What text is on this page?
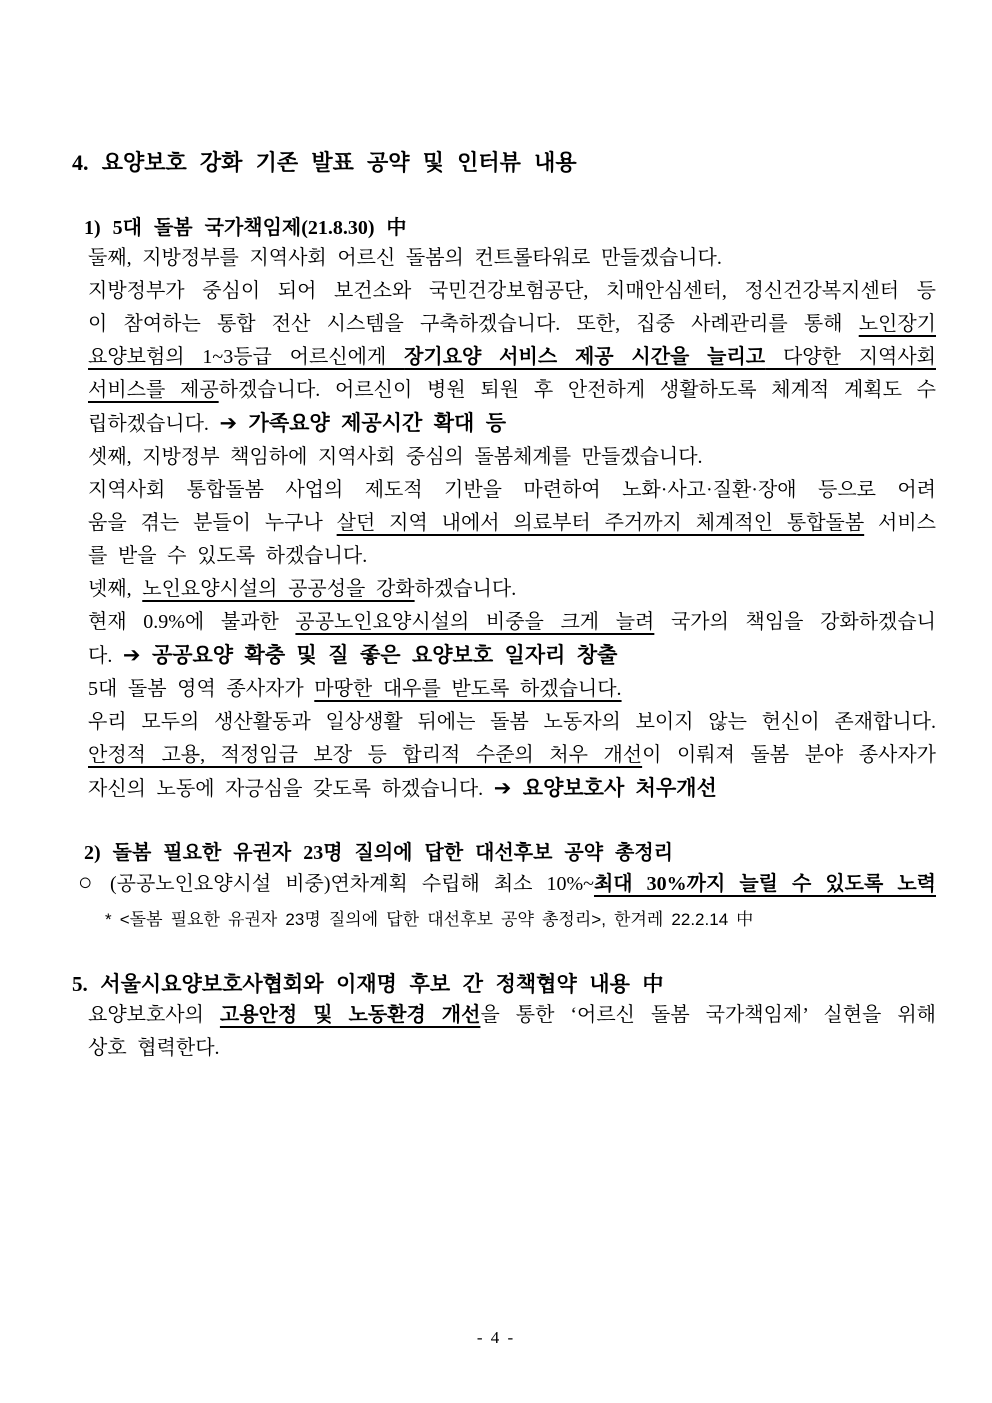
4. 요양보호 강화 기존 발표 공약 및 인터뷰 내용
1) 5대 돌봄 국가책임제(21.8.30) 中
둘째, 지방정부를 지역사회 어르신 돌봄의 컨트롤타워로 만들겠습니다.
지방정부가 중심이 되어 보건소와 국민건강보험공단, 치매안심센터, 정신건강복지센터 등
이 참여하는 통합 전산 시스템을 구축하겠습니다. 또한, 집중 사례관리를 통해 노인장기
요양보험의 1~3등급 어르신에게 장기요양 서비스 제공 시간을 늘리고 다양한 지역사회
서비스를 제공하겠습니다. 어르신이 병원 퇴원 후 안전하게 생활하도록 체계적 계획도 수
립하겠습니다. ➔ 가족요양 제공시간 확대 등
셋째, 지방정부 책임하에 지역사회 중심의 돌봄체계를 만들겠습니다.
지역사회 통합돌봄 사업의 제도적 기반을 마련하여 노화·사고·질환·장애 등으로 어려
움을 겪는 분들이 누구나 살던 지역 내에서 의료부터 주거까지 체계적인 통합돌봄 서비스
를 받을 수 있도록 하겠습니다.
넷째, 노인요양시설의 공공성을 강화하겠습니다.
현재 0.9%에 불과한 공공노인요양시설의 비중을 크게 늘려 국가의 책임을 강화하겠습니
다. ➔ 공공요양 확충 및 질 좋은 요양보호 일자리 창출
5대 돌봄 영역 종사자가 마땅한 대우를 받도록 하겠습니다.
우리 모두의 생산활동과 일상생활 뒤에는 돌봄 노동자의 보이지 않는 헌신이 존재합니다.
안정적 고용, 적정임금 보장 등 합리적 수준의 처우 개선이 이뤄져 돌봄 분야 종사자가
자신의 노동에 자긍심을 갖도록 하겠습니다. ➔ 요양보호사 처우개선
2) 돌봄 필요한 유권자 23명 질의에 답한 대선후보 공약 총정리
○ (공공노인요양시설 비중)연차계획 수립해 최소 10%~최대 30%까지 늘릴 수 있도록 노력
* <돌봄 필요한 유권자 23명 질의에 답한 대선후보 공약 총정리>, 한겨레 22.2.14 中
5. 서울시요양보호사협회와 이재명 후보 간 정책협약 내용 中
요양보호사의 고용안정 및 노동환경 개선을 통한 ‘어르신 돌봄 국가책임제’ 실현을 위해
상호 협력한다.
- 4 -
